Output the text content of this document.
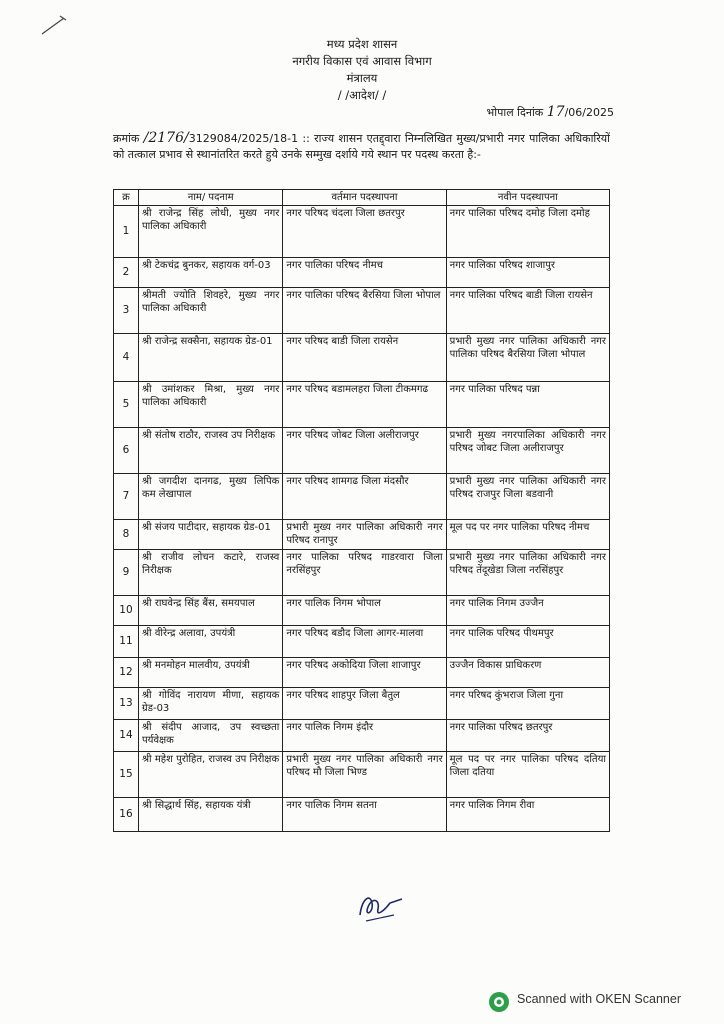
मध्य प्रदेश शासन
नगरीय विकास एवं आवास विभाग
मंत्रालय
/ /आदेश/ /
भोपाल दिनांक 17/06/2025
क्रमांक /2176/3129084/2025/18-1 :: राज्य शासन एतद्द्वारा निम्नलिखित मुख्य/प्रभारी नगर पालिका अधिकारियों को तत्काल प्रभाव से स्थानांतरित करते हुये उनके सम्मुख दर्शाये गये स्थान पर पदस्थ करता है:-
क्र	नाम/ पदनाम	वर्तमान पदस्थापना	नवीन पदस्थापना
1	श्री राजेन्द्र सिंह लोधी, मुख्य नगर पालिका अधिकारी	नगर परिषद चंदला जिला छतरपुर	नगर पालिका परिषद दमोह जिला दमोह
2	श्री टेकचंद्र बुनकर, सहायक वर्ग-03	नगर पालिका परिषद नीमच	नगर पालिका परिषद शाजापुर
3	श्रीमती ज्योति शिवहरे, मुख्य नगर पालिका अधिकारी	नगर पालिका परिषद बैरसिया जिला भोपाल	नगर पालिका परिषद बाडी जिला रायसेन
4	श्री राजेन्द्र सक्सैना, सहायक ग्रेड-01	नगर परिषद बाडी जिला रायसेन	प्रभारी मुख्य नगर पालिका अधिकारी नगर पालिका परिषद बैरसिया जिला भोपाल
5	श्री उमांशकर मिश्रा, मुख्य नगर पालिका अधिकारी	नगर परिषद बडामलहरा जिला टीकमगढ	नगर पालिका परिषद पन्ना
6	श्री संतोष राठौर, राजस्व उप निरीक्षक	नगर परिषद जोबट जिला अलीराजपुर	प्रभारी मुख्य नगरपालिका अधिकारी नगर परिषद जोबट जिला अलीराजपुर
7	श्री जगदीश दानगढ, मुख्य लिपिक कम लेखापाल	नगर परिषद शामगढ जिला मंदसौर	प्रभारी मुख्य नगर पालिका अधिकारी नगर परिषद राजपुर जिला बडवानी
8	श्री संजय पाटीदार, सहायक ग्रेड-01	प्रभारी मुख्य नगर पालिका अधिकारी नगर परिषद रानापुर	मूल पद पर नगर पालिका परिषद नीमच
9	श्री राजीव लोचन कटारे, राजस्व निरीक्षक	नगर पालिका परिषद गाडरवारा जिला नरसिंहपुर	प्रभारी मुख्य नगर पालिका अधिकारी नगर परिषद तेंदूखेडा जिला नरसिंहपुर
10	श्री राघवेन्द्र सिंह बैंस, समयपाल	नगर पालिक निगम भोपाल	नगर पालिक निगम उज्जैन
11	श्री वीरेन्द्र अलावा, उपयंत्री	नगर परिषद बडौद जिला आगर-मालवा	नगर पालिक परिषद पीथमपुर
12	श्री मनमोहन मालवीय, उपयंत्री	नगर परिषद अकोदिया जिला शाजापुर	उज्जैन विकास प्राधिकरण
13	श्री गोविंद नारायण मीणा, सहायक ग्रेड-03	नगर परिषद शाहपुर जिला बैतुल	नगर परिषद कुंभराज जिला गुना
14	श्री संदीप आजाद, उप स्वच्छता पर्यवेक्षक	नगर पालिक निगम इंदौर	नगर पालिका परिषद छतरपुर
15	श्री महेश पुरोहित, राजस्व उप निरीक्षक	प्रभारी मुख्य नगर पालिका अधिकारी नगर परिषद मौ जिला भिण्ड	मूल पद पर नगर पालिका परिषद दतिया जिला दतिया
16	श्री सिद्धार्थ सिंह, सहायक यंत्री	नगर पालिक निगम सतना	नगर पालिक निगम रीवा
Scanned with OKEN Scanner
